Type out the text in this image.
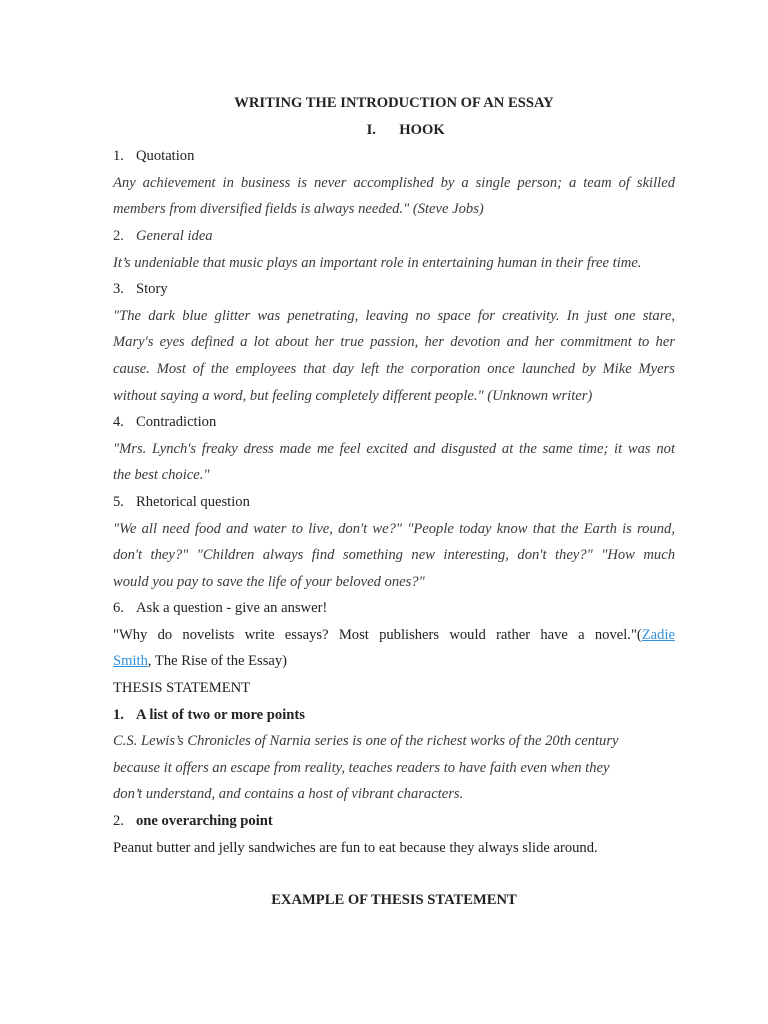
WRITING THE INTRODUCTION OF AN ESSAY

I. HOOK

1. Quotation

Any achievement in business is never accomplished by a single person; a team of skilled

members from diversified fields is always needed." (Steve Jobs)

2. General idea

It’s undeniable that music plays an important role in entertaining human in their free time.

3. Story

"The dark blue glitter was penetrating, leaving no space for creativity. In just one stare,

Mary's eyes defined a lot about her true passion, her devotion and her commitment to her

cause. Most of the employees that day left the corporation once launched by Mike Myers

without saying a word, but feeling completely different people." (Unknown writer)

4. Contradiction

"Mrs. Lynch's freaky dress made me feel excited and disgusted at the same time; it was not

the best choice."

5. Rhetorical question

"We all need food and water to live, don't we?" "People today know that the Earth is round,

don't they?" "Children always find something new interesting, don't they?" "How much

would you pay to save the life of your beloved ones?"

6. Ask a question - give an answer!

"Why do novelists write essays? Most publishers would rather have a novel."(Zadie

Smith, The Rise of the Essay)

THESIS STATEMENT

1. A list of two or more points

C.S. Lewis’s Chronicles of Narnia series is one of the richest works of the 20th century

because it offers an escape from reality, teaches readers to have faith even when they

don’t understand, and contains a host of vibrant characters.

2. one overarching point

Peanut butter and jelly sandwiches are fun to eat because they always slide around.

EXAMPLE OF THESIS STATEMENT
